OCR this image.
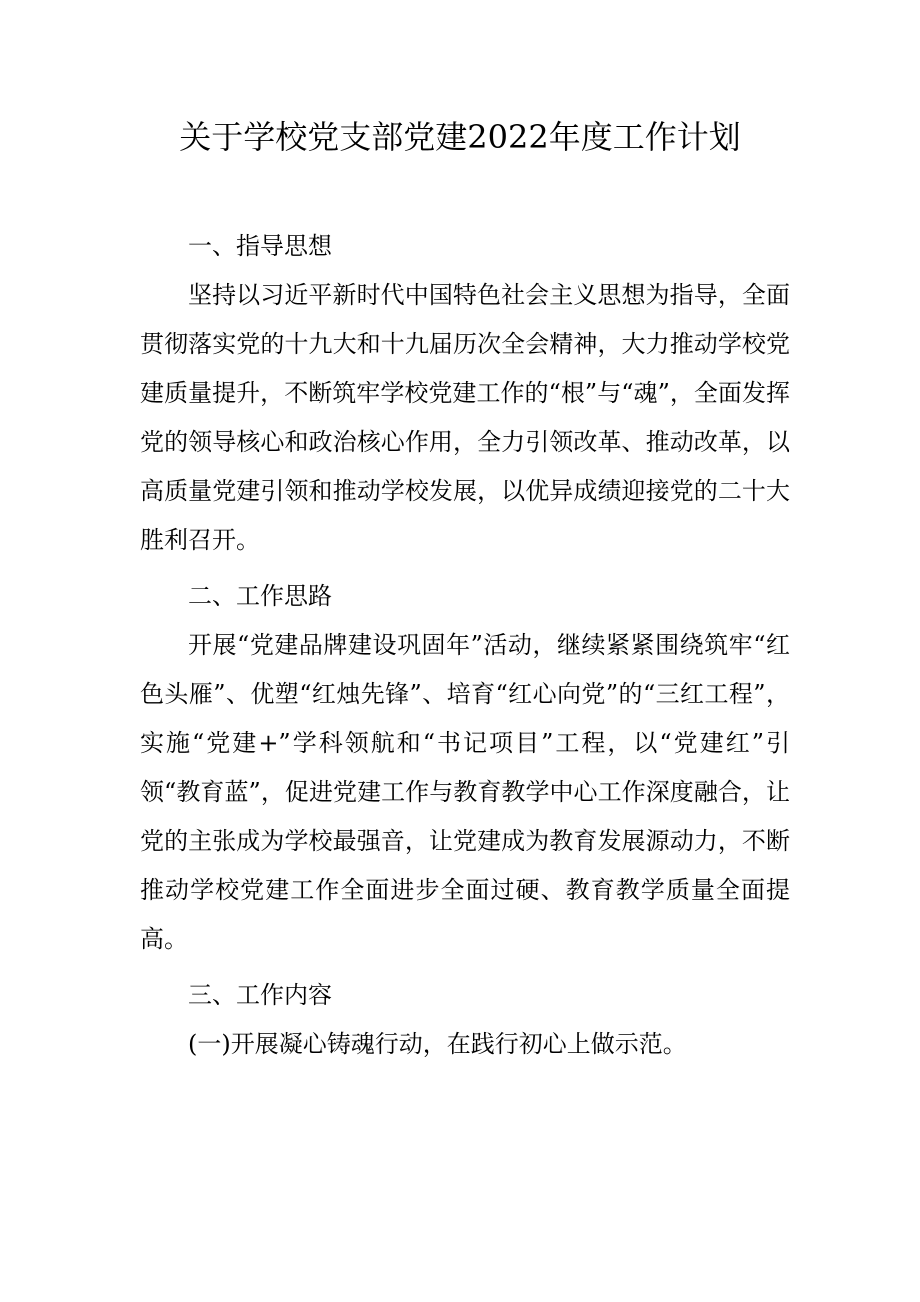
关于学校党支部党建2022年度工作计划

一、指导思想

坚持以习近平新时代中国特色社会主义思想为指导，全面贯彻落实党的十九大和十九届历次全会精神，大力推动学校党建质量提升，不断筑牢学校党建工作的“根”与“魂”，全面发挥党的领导核心和政治核心作用，全力引领改革、推动改革，以高质量党建引领和推动学校发展，以优异成绩迎接党的二十大胜利召开。

二、工作思路

开展“党建品牌建设巩固年”活动，继续紧紧围绕筑牢“红色头雁”、优塑“红烛先锋”、培育“红心向党”的“三红工程”，实施“党建+”学科领航和“书记项目”工程，以“党建红”引领“教育蓝”，促进党建工作与教育教学中心工作深度融合，让党的主张成为学校最强音，让党建成为教育发展源动力，不断推动学校党建工作全面进步全面过硬、教育教学质量全面提高。

三、工作内容

(一)开展凝心铸魂行动，在践行初心上做示范。
